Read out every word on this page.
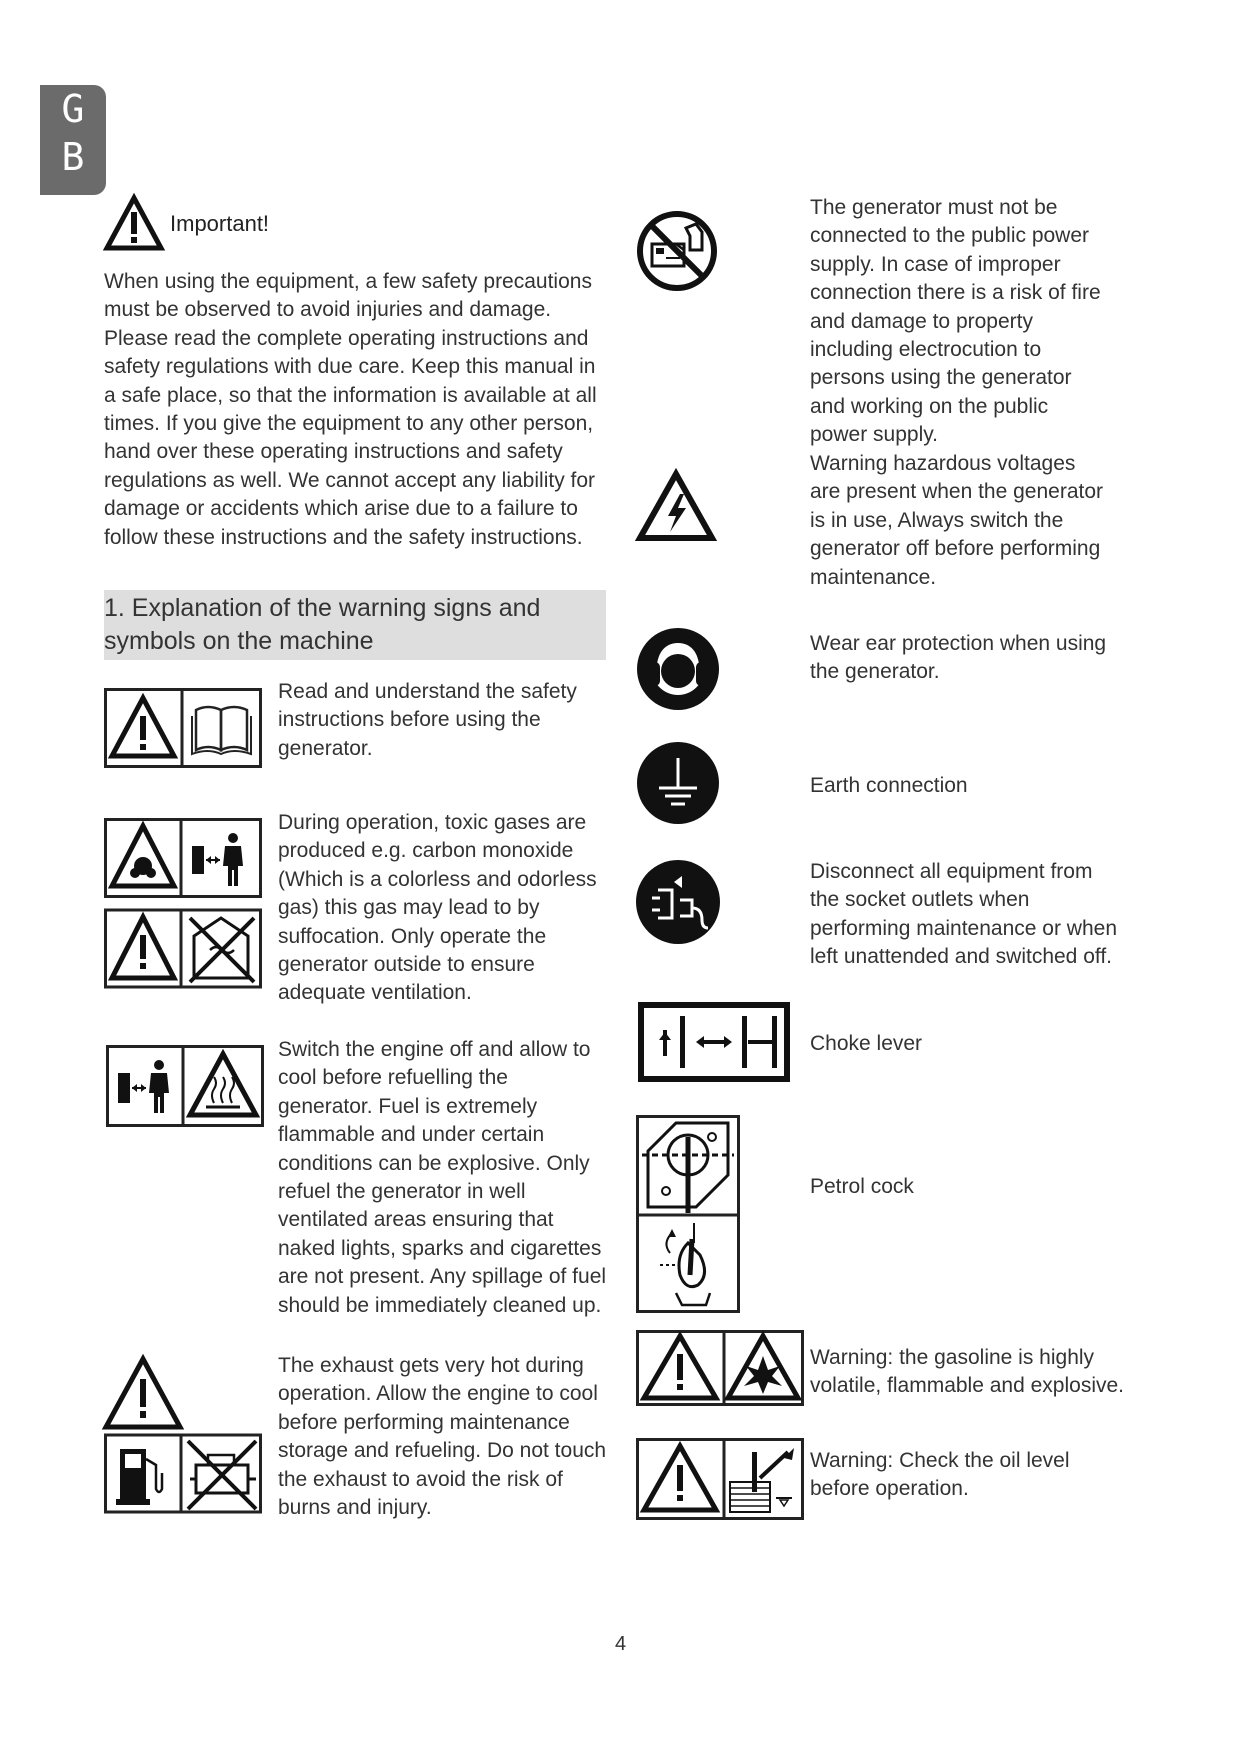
G
B
Important!

When using the equipment, a few safety precautions must be observed to avoid injuries and damage. Please read the complete operating instructions and safety regulations with due care. Keep this manual in a safe place, so that the information is available at all times. If you give the equipment to any other person, hand over these operating instructions and safety regulations as well. We cannot accept any liability for damage or accidents which arise due to a failure to follow these instructions and the safety instructions.

1. Explanation of the warning signs and symbols on the machine

Read and understand the safety instructions before using the generator.

During operation, toxic gases are produced e.g. carbon monoxide (Which is a colorless and odorless gas) this gas may lead to by suffocation. Only operate the generator outside to ensure adequate ventilation.

Switch the engine off and allow to cool before refuelling the generator. Fuel is extremely flammable and under certain conditions can be explosive. Only refuel the generator in well ventilated areas ensuring that naked lights, sparks and cigarettes are not present. Any spillage of fuel should be immediately cleaned up.

The exhaust gets very hot during operation. Allow the engine to cool before performing maintenance storage and refueling. Do not touch the exhaust to avoid the risk of burns and injury.

The generator must not be connected to the public power supply. In case of improper connection there is a risk of fire and damage to property including electrocution to persons using the generator and working on the public power supply.

Warning hazardous voltages are present when the generator is in use, Always switch the generator off before performing maintenance.

Wear ear protection when using the generator.

Earth connection

Disconnect all equipment from the socket outlets when performing maintenance or when left unattended and switched off.

Choke lever

Petrol cock

Warning: the gasoline is highly volatile, flammable and explosive.

Warning: Check the oil level before operation.

4
